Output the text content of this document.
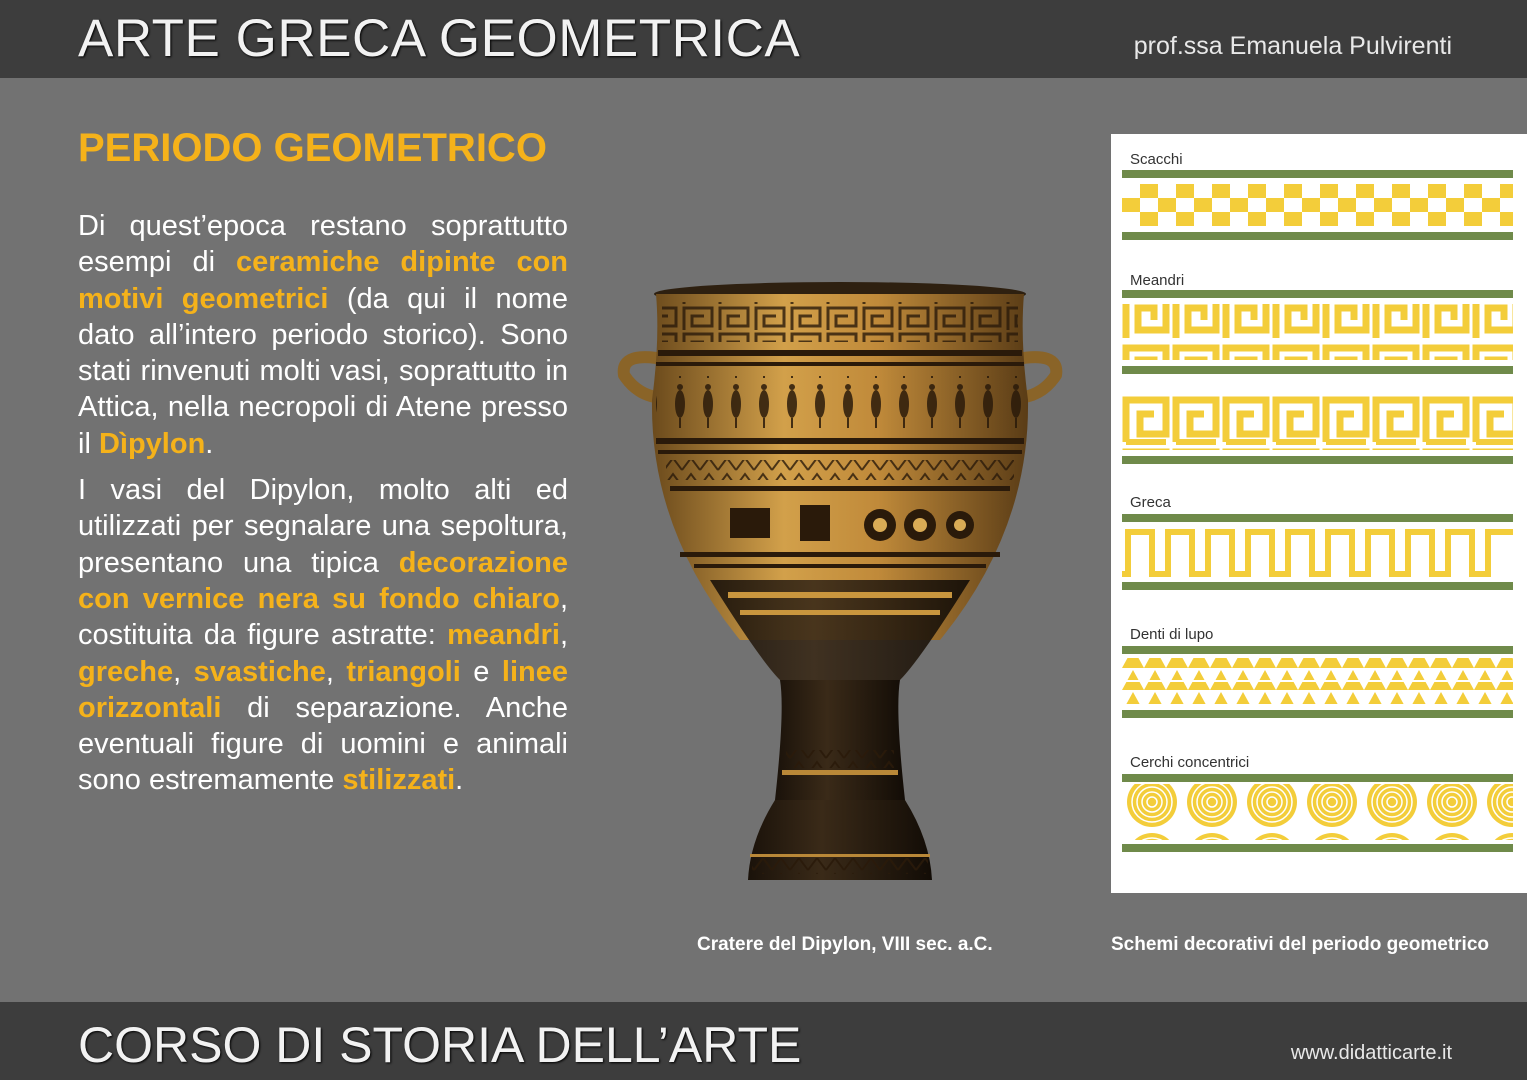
ARTE GRECA GEOMETRICA	prof.ssa Emanuela Pulvirenti
PERIODO GEOMETRICO

Di quest’epoca restano soprattutto esempi di ceramiche dipinte con motivi geometrici (da qui il nome dato all’intero periodo storico). Sono stati rinvenuti molti vasi, soprattutto in Attica, nella necropoli di Atene presso il Dìpylon.

I vasi del Dipylon, molto alti ed utilizzati per segnalare una sepoltura, presentano una tipica decorazione con vernice nera su fondo chiaro, costituita da figure astratte: meandri, greche, svastiche, triangoli e linee orizzontali di separazione. Anche eventuali figure di uomini e animali sono estremamente stilizzati.

Cratere del Dipylon, VIII sec. a.C.
Scacchi
Meandri
Greca
Denti di lupo
Cerchi concentrici
Schemi decorativi del periodo geometrico
CORSO DI STORIA DELL’ARTE	www.didatticarte.it
